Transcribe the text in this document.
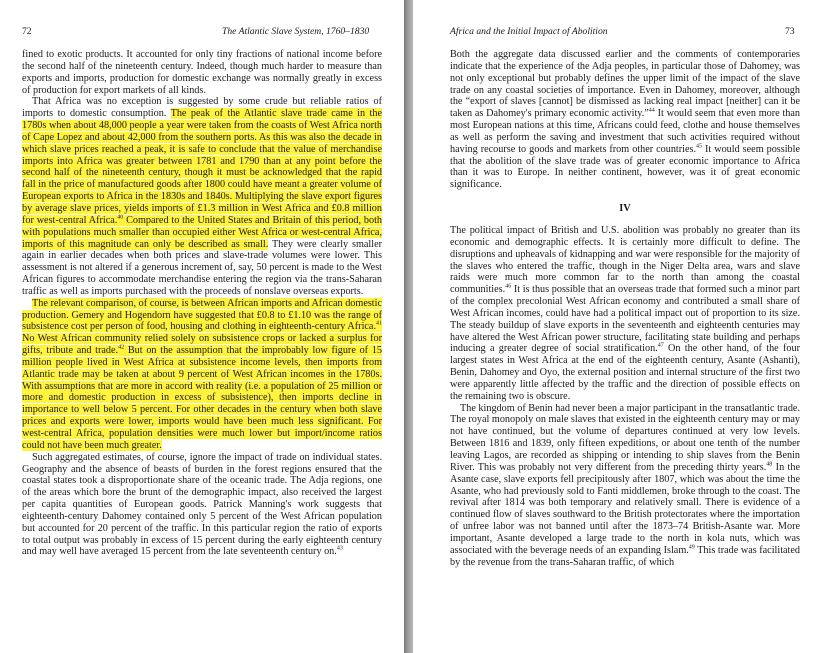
72	The Atlantic Slave System, 1760–1830

fined to exotic products. It accounted for only tiny fractions of national income before the second half of the nineteenth century. Indeed, though much harder to measure than exports and imports, production for domestic exchange was normally greatly in excess of production for export markets of all kinds.

That Africa was no exception is suggested by some crude but reliable ratios of imports to domestic consumption. The peak of the Atlantic slave trade came in the 1780s when about 48,000 people a year were taken from the coasts of West Africa north of Cape Lopez and about 42,000 from the southern ports. As this was also the decade in which slave prices reached a peak, it is safe to conclude that the value of merchandise imports into Africa was greater between 1781 and 1790 than at any point before the second half of the nineteenth century, though it must be acknowledged that the rapid fall in the price of manufactured goods after 1800 could have meant a greater volume of European exports to Africa in the 1830s and 1840s. Multiplying the slave export figures by average slave prices, yields imports of £1.3 million in West Africa and £0.8 million for west-central Africa.$^{40}$ Compared to the United States and Britain of this period, both with populations much smaller than occupied either West Africa or west-central Africa, imports of this magnitude can only be described as small. They were clearly smaller again in earlier decades when both prices and slave-trade volumes were lower. This assessment is not altered if a generous increment of, say, 50 percent is made to the West African figures to accommodate merchandise entering the region via the trans-Saharan traffic as well as imports purchased with the proceeds of nonslave overseas exports.

The relevant comparison, of course, is between African imports and African domestic production. Gemery and Hogendorn have suggested that £0.8 to £1.10 was the range of subsistence cost per person of food, housing and clothing in eighteenth-century Africa.$^{41}$ No West African community relied solely on subsistence crops or lacked a surplus for gifts, tribute and trade.$^{42}$ But on the assumption that the improbably low figure of 15 million people lived in West Africa at subsistence income levels, then imports from Atlantic trade may be taken at about 9 percent of West African incomes in the 1780s. With assumptions that are more in accord with reality (i.e. a population of 25 million or more and domestic production in excess of subsistence), then imports decline in importance to well below 5 percent. For other decades in the century when both slave prices and exports were lower, imports would have been much less significant. For west-central Africa, population densities were much lower but import/income ratios could not have been much greater.

Such aggregated estimates, of course, ignore the impact of trade on individual states. Geography and the absence of beasts of burden in the forest regions ensured that the coastal states took a disproportionate share of the oceanic trade. The Adja regions, one of the areas which bore the brunt of the demographic impact, also received the largest per capita quantities of European goods. Patrick Manning's work suggests that eighteenth-century Dahomey contained only 5 percent of the West African population but accounted for 20 percent of the traffic. In this particular region the ratio of exports to total output was probably in excess of 15 percent during the early eighteenth century and may well have averaged 15 percent from the late seventeenth century on.$^{43}$

Africa and the Initial Impact of Abolition	73

Both the aggregate data discussed earlier and the comments of contemporaries indicate that the experience of the Adja peoples, in particular those of Dahomey, was not only exceptional but probably defines the upper limit of the impact of the slave trade on any coastal societies of importance. Even in Dahomey, moreover, although the “export of slaves [cannot] be dismissed as lacking real impact [neither] can it be taken as Dahomey's primary economic activity.”$^{44}$ It would seem that even more than most European nations at this time, Africans could feed, clothe and house themselves as well as perform the saving and investment that such activities required without having recourse to goods and markets from other countries.$^{45}$ It would seem possible that the abolition of the slave trade was of greater economic importance to Africa than it was to Europe. In neither continent, however, was it of great economic significance.

IV

The political impact of British and U.S. abolition was probably no greater than its economic and demographic effects. It is certainly more difficult to define. The disruptions and upheavals of kidnapping and war were responsible for the majority of the slaves who entered the traffic, though in the Niger Delta area, wars and slave raids were much more common far to the north than among the coastal communities.$^{46}$ It is thus possible that an overseas trade that formed such a minor part of the complex precolonial West African economy and contributed a small share of West African incomes, could have had a political impact out of proportion to its size. The steady buildup of slave exports in the seventeenth and eighteenth centuries may have altered the West African power structure, facilitating state building and perhaps inducing a greater degree of social stratification.$^{47}$ On the other hand, of the four largest states in West Africa at the end of the eighteenth century, Asante (Ashanti), Benin, Dahomey and Oyo, the external position and internal structure of the first two were apparently little affected by the traffic and the direction of possible effects on the remaining two is obscure.

The kingdom of Benin had never been a major participant in the transatlantic trade. The royal monopoly on male slaves that existed in the eighteenth century may or may not have continued, but the volume of departures continued at very low levels. Between 1816 and 1839, only fifteen expeditions, or about one tenth of the number leaving Lagos, are recorded as shipping or intending to ship slaves from the Benin River. This was probably not very different from the preceding thirty years.$^{48}$ In the Asante case, slave exports fell precipitously after 1807, which was about the time the Asante, who had previously sold to Fanti middlemen, broke through to the coast. The revival after 1814 was both temporary and relatively small. There is evidence of a continued flow of slaves southward to the British protectorates where the importation of unfree labor was not banned until after the 1873–74 British-Asante war. More important, Asante developed a large trade to the north in kola nuts, which was associated with the beverage needs of an expanding Islam.$^{49}$ This trade was facilitated by the revenue from the trans-Saharan traffic, of which
